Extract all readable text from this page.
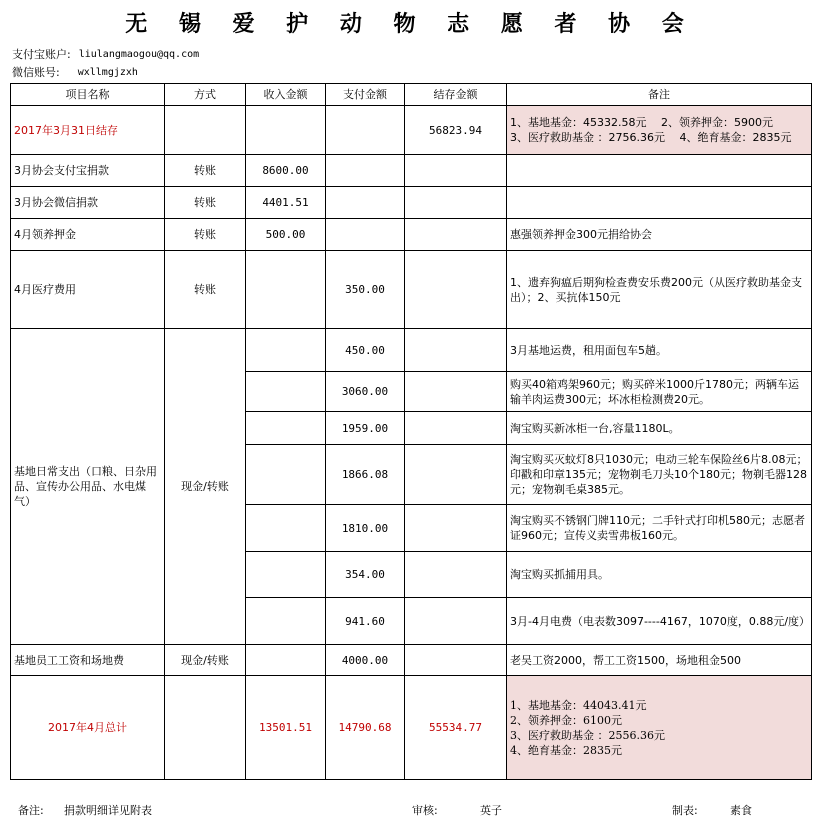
无 锡 爱 护 动 物 志 愿 者 协 会
支付宝账户: liulangmaogou@qq.com
微信账号: wxllmgjzxh
项目名称	方式	收入金额	支付金额	结存金额	备注
2017年3月31日结存				56823.94	1、基地基金：45332.58元　 2、领养押金：5900元
3、医疗救助基金 ：2756.36元　 4、绝育基金：2835元

3月协会支付宝捐款	转账	8600.00			
3月协会微信捐款	转账	4401.51			
4月领养押金	转账	500.00			惠强领养押金300元捐给协会
4月医疗费用	转账		350.00		1、遗弃狗瘟后期狗检查费安乐费200元（从医疗救助基金支出）；2、买抗体150元
基地日常支出（口粮、日杂用品、宣传办公用品、水电煤气）	现金/转账		450.00		3月基地运费，租用面包车5趟。
			3060.00		购买40箱鸡架960元；购买碎米1000斤1780元；两辆车运输羊肉运费300元；坏冰柜检测费20元。
			1959.00		淘宝购买新冰柜一台,容量1180L。
			1866.08		淘宝购买灭蚊灯8只1030元；电动三轮车保险丝6片8.08元；印戳和印章135元；宠物剃毛刀头10个180元；物剃毛器128元；宠物剃毛桌385元。
			1810.00		淘宝购买不锈钢门牌110元；二手针式打印机580元；志愿者证960元；宣传义卖雪弗板160元。
			354.00		淘宝购买抓捕用具。
			941.60		3月-4月电费（电表数3097----4167，1070度，0.88元/度）
基地员工工资和场地费	现金/转账		4000.00		老吴工资2000，帮工工资1500，场地租金500
2017年4月总计		13501.51	14790.68	55534.77	1、基地基金：44043.41元
2、领养押金：6100元
3、医疗救助基金 ：2556.36元
4、绝育基金：2835元
备注: 捐款明细详见附表	审核:	英子	制表:	素食
